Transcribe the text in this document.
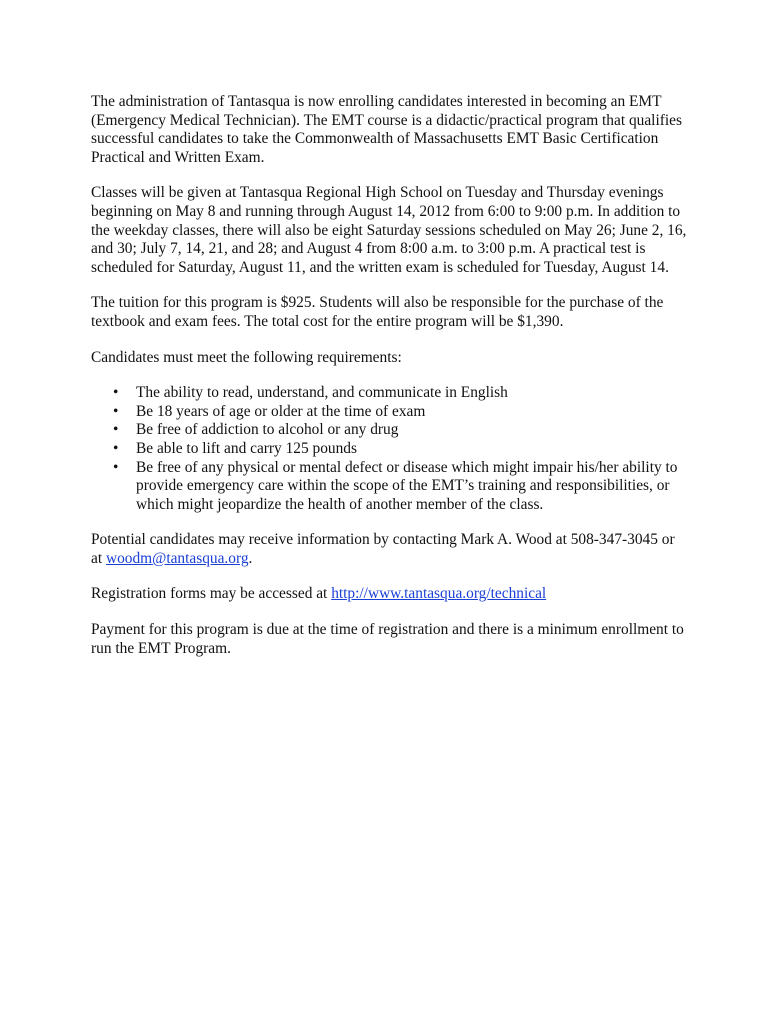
The administration of Tantasqua is now enrolling candidates interested in becoming an EMT (Emergency Medical Technician). The EMT course is a didactic/practical program that qualifies successful candidates to take the Commonwealth of Massachusetts EMT Basic Certification Practical and Written Exam.

Classes will be given at Tantasqua Regional High School on Tuesday and Thursday evenings beginning on May 8 and running through August 14, 2012 from 6:00 to 9:00 p.m. In addition to the weekday classes, there will also be eight Saturday sessions scheduled on May 26; June 2, 16, and 30; July 7, 14, 21, and 28; and August 4 from 8:00 a.m. to 3:00 p.m. A practical test is scheduled for Saturday, August 11, and the written exam is scheduled for Tuesday, August 14.

The tuition for this program is $925. Students will also be responsible for the purchase of the textbook and exam fees. The total cost for the entire program will be $1,390.

Candidates must meet the following requirements:

• The ability to read, understand, and communicate in English
• Be 18 years of age or older at the time of exam
• Be free of addiction to alcohol or any drug
• Be able to lift and carry 125 pounds
• Be free of any physical or mental defect or disease which might impair his/her ability to provide emergency care within the scope of the EMT’s training and responsibilities, or which might jeopardize the health of another member of the class.

Potential candidates may receive information by contacting Mark A. Wood at 508-347-3045 or at woodm@tantasqua.org.

Registration forms may be accessed at http://www.tantasqua.org/technical

Payment for this program is due at the time of registration and there is a minimum enrollment to run the EMT Program.
